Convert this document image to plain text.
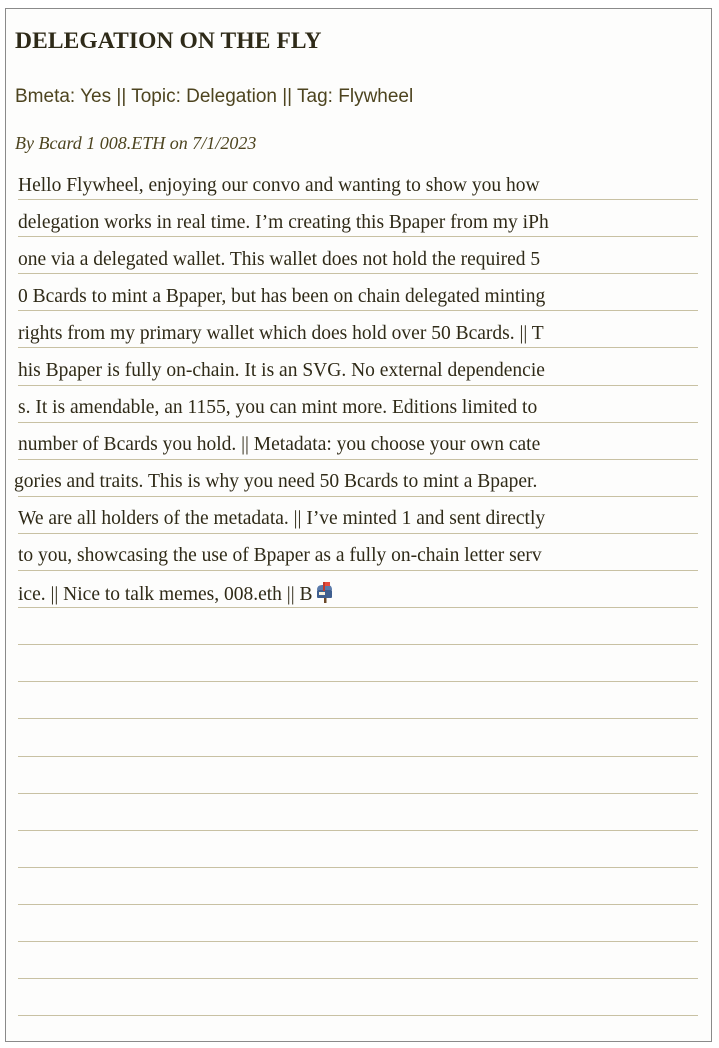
DELEGATION ON THE FLY

Bmeta: Yes || Topic: Delegation || Tag: Flywheel

By Bcard 1 008.ETH on 7/1/2023

Hello Flywheel, enjoying our convo and wanting to show you how

delegation works in real time. I’m creating this Bpaper from my iPh

one via a delegated wallet. This wallet does not hold the required 5

0 Bcards to mint a Bpaper, but has been on chain delegated minting

rights from my primary wallet which does hold over 50 Bcards. || T

his Bpaper is fully on-chain. It is an SVG. No external dependencie

s. It is amendable, an 1155, you can mint more. Editions limited to

number of Bcards you hold. || Metadata: you choose your own cate

gories and traits. This is why you need 50 Bcards to mint a Bpaper.

We are all holders of the metadata. || I’ve minted 1 and sent directly

to you, showcasing the use of Bpaper as a fully on-chain letter serv

ice. || Nice to talk memes, 008.eth || B
